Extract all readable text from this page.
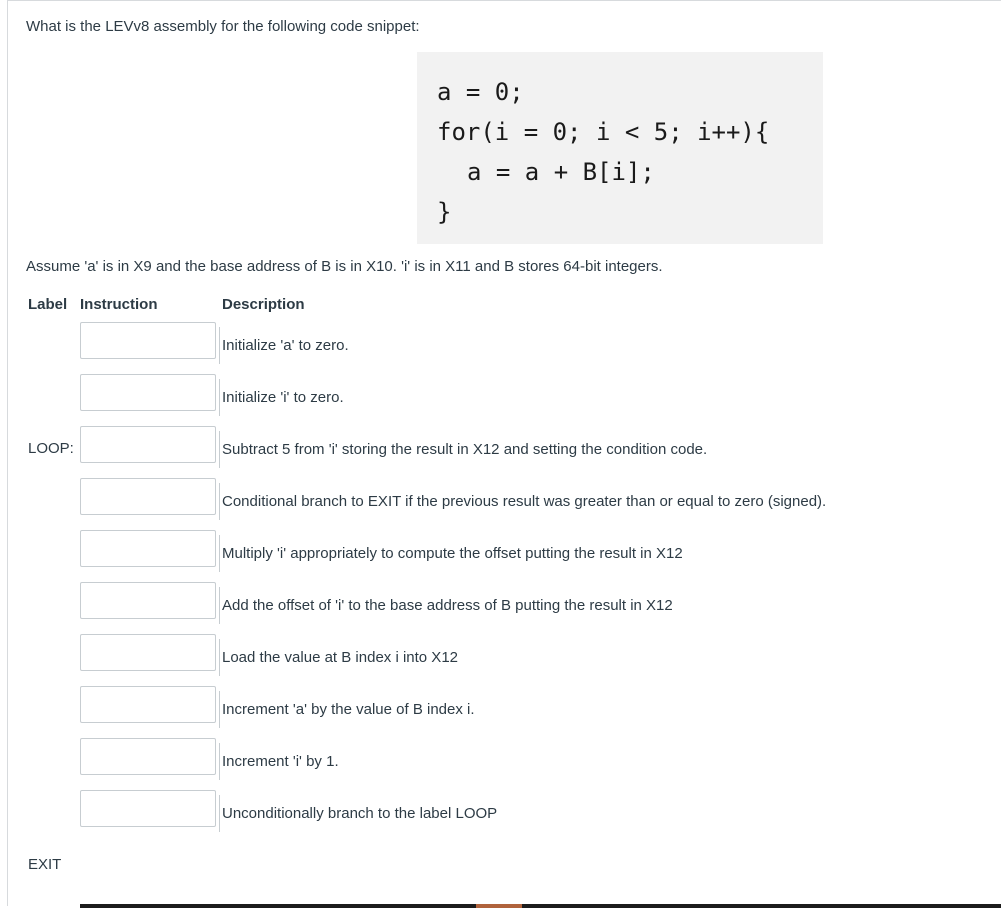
What is the LEVv8 assembly for the following code snippet:
a = 0;
for(i = 0; i < 5; i++){
a = a + B[i];
}
Assume 'a' is in X9 and the base address of B is in X10. 'i' is in X11 and B stores 64-bit integers.
Label Instruction	Description
Initialize 'a' to zero.
Initialize 'i' to zero.
LOOP:	Subtract 5 from 'i' storing the result in X12 and setting the condition code.
Conditional branch to EXIT if the previous result was greater than or equal to zero (signed).
Multiply 'i' appropriately to compute the offset putting the result in X12
Add the offset of 'i' to the base address of B putting the result in X12
Load the value at B index i into X12
Increment 'a' by the value of B index i.
Increment 'i' by 1.
Unconditionally branch to the label LOOP
EXIT
